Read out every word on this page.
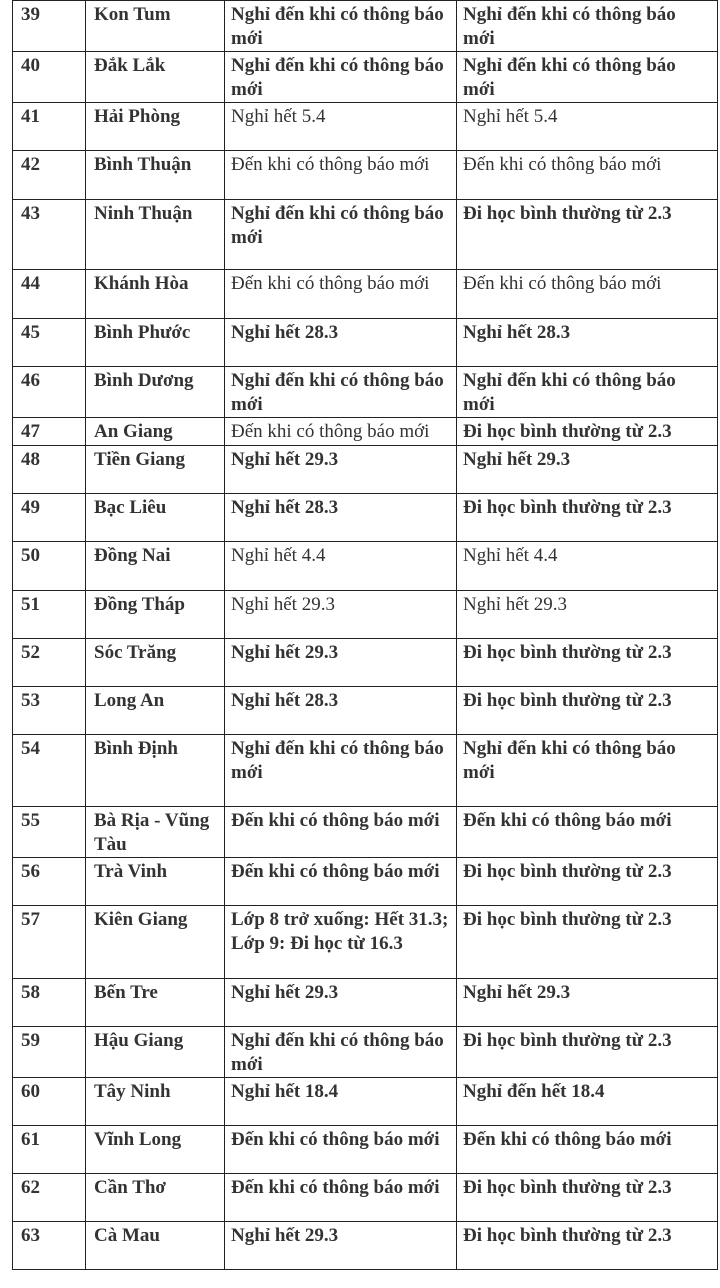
39	Kon Tum	Nghỉ đến khi có thông báo mới	Nghỉ đến khi có thông báo mới
40	Đắk Lắk	Nghỉ đến khi có thông báo mới	Nghỉ đến khi có thông báo mới
41	Hải Phòng	Nghỉ hết 5.4	Nghỉ hết 5.4
42	Bình Thuận	Đến khi có thông báo mới	Đến khi có thông báo mới
43	Ninh Thuận	Nghỉ đến khi có thông báo mới	Đi học bình thường từ 2.3
44	Khánh Hòa	Đến khi có thông báo mới	Đến khi có thông báo mới
45	Bình Phước	Nghỉ hết 28.3	Nghỉ hết 28.3
46	Bình Dương	Nghỉ đến khi có thông báo mới	Nghỉ đến khi có thông báo mới
47	An Giang	Đến khi có thông báo mới	Đi học bình thường từ 2.3
48	Tiền Giang	Nghỉ hết 29.3	Nghỉ hết 29.3
49	Bạc Liêu	Nghỉ hết 28.3	Đi học bình thường từ 2.3
50	Đồng Nai	Nghỉ hết 4.4	Nghỉ hết 4.4
51	Đồng Tháp	Nghỉ hết 29.3	Nghỉ hết 29.3
52	Sóc Trăng	Nghỉ hết 29.3	Đi học bình thường từ 2.3
53	Long An	Nghỉ hết 28.3	Đi học bình thường từ 2.3
54	Bình Định	Nghỉ đến khi có thông báo mới	Nghỉ đến khi có thông báo mới
55	Bà Rịa - Vũng Tàu	Đến khi có thông báo mới	Đến khi có thông báo mới
56	Trà Vinh	Đến khi có thông báo mới	Đi học bình thường từ 2.3
57	Kiên Giang	Lớp 8 trở xuống: Hết 31.3; Lớp 9: Đi học từ 16.3	Đi học bình thường từ 2.3
58	Bến Tre	Nghỉ hết 29.3	Nghỉ hết 29.3
59	Hậu Giang	Nghỉ đến khi có thông báo mới	Đi học bình thường từ 2.3
60	Tây Ninh	Nghỉ hết 18.4	Nghỉ đến hết 18.4
61	Vĩnh Long	Đến khi có thông báo mới	Đến khi có thông báo mới
62	Cần Thơ	Đến khi có thông báo mới	Đi học bình thường từ 2.3
63	Cà Mau	Nghỉ hết 29.3	Đi học bình thường từ 2.3
